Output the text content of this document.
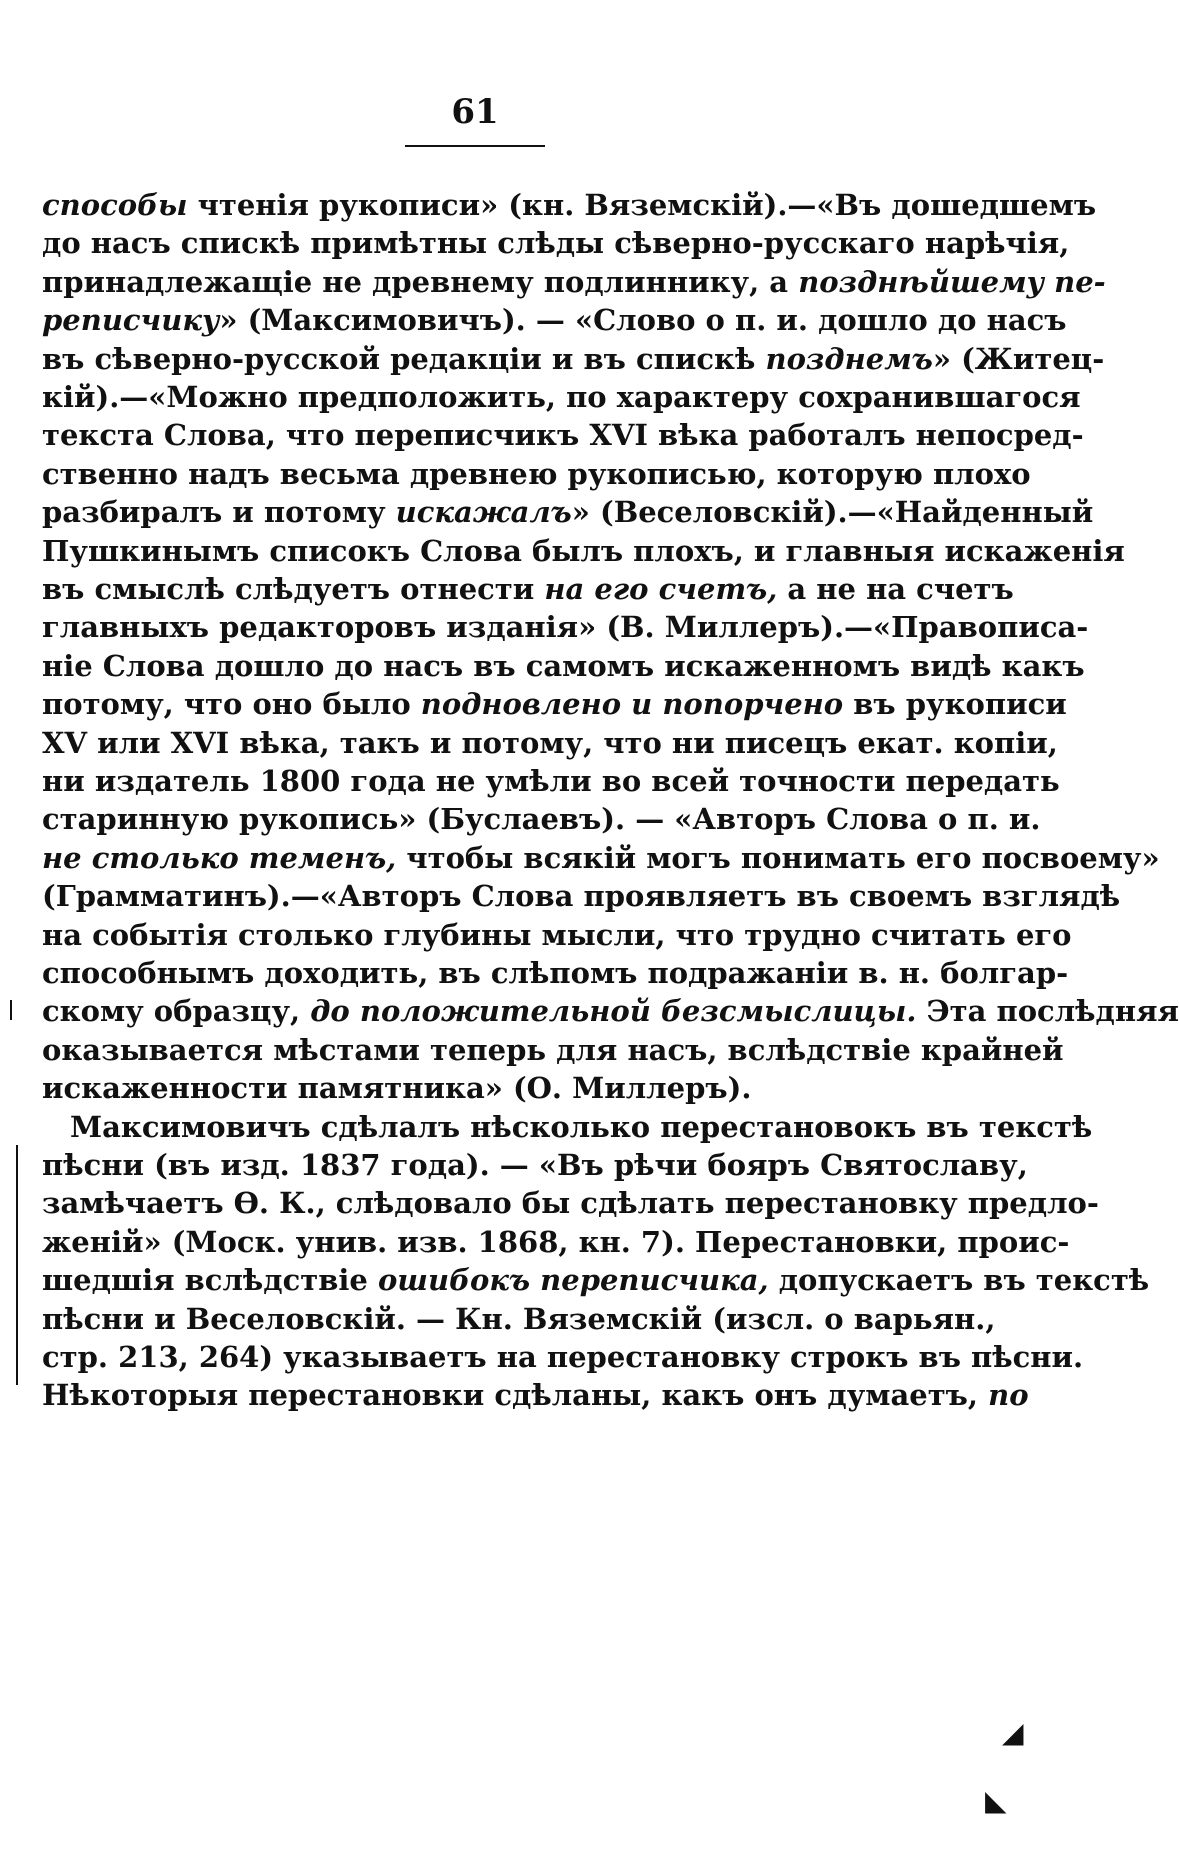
61
способы чтенія рукописи» (кн. Вяземскій).—«Въ дошедшемъ
до насъ спискѣ примѣтны слѣды сѣверно-русскаго нарѣчія,
принадлежащіе не древнему подлиннику, а позднѣйшему пе-
реписчику» (Максимовичъ). — «Слово о п. и. дошло до насъ
въ сѣверно-русской редакціи и въ спискѣ позднемъ» (Житец-
кій).—«Можно предположить, по характеру сохранившагося
текста Слова, что переписчикъ XVI вѣка работалъ непосред-
ственно надъ весьма древнею рукописью, которую плохо
разбиралъ и потому искажалъ» (Веселовскій).—«Найденный
Пушкинымъ списокъ Слова былъ плохъ, и главныя искаженія
въ смыслѣ слѣдуетъ отнести на его счетъ, а не на счетъ
главныхъ редакторовъ изданія» (В. Миллеръ).—«Правописа-
ніе Слова дошло до насъ въ самомъ искаженномъ видѣ какъ
потому, что оно было подновлено и попорчено въ рукописи
XV или XVI вѣка, такъ и потому, что ни писецъ екат. копіи,
ни издатель 1800 года не умѣли во всей точности передать
старинную рукопись» (Буслаевъ). — «Авторъ Слова о п. и.
не столько теменъ, чтобы всякій могъ понимать его посвоему»
(Грамматинъ).—«Авторъ Слова проявляетъ въ своемъ взглядѣ
на событія столько глубины мысли, что трудно считать его
способнымъ доходить, въ слѣпомъ подражаніи в. н. болгар-
скому образцу, до положительной безсмыслицы. Эта послѣдняя
оказывается мѣстами теперь для насъ, вслѣдствіе крайней
искаженности памятника» (О. Миллеръ).
Максимовичъ сдѣлалъ нѣсколько перестановокъ въ текстѣ
пѣсни (въ изд. 1837 года). — «Въ рѣчи бояръ Святославу,
замѣчаетъ Ѳ. К., слѣдовало бы сдѣлать перестановку предло-
женій» (Моск. унив. изв. 1868, кн. 7). Перестановки, проис-
шедшія вслѣдствіе ошибокъ переписчика, допускаетъ въ текстѣ
пѣсни и Веселовскій. — Кн. Вяземскій (изсл. о варьян.,
стр. 213, 264) указываетъ на перестановку строкъ въ пѣсни.
Нѣкоторыя перестановки сдѣланы, какъ онъ думаетъ, по
◢
◣
